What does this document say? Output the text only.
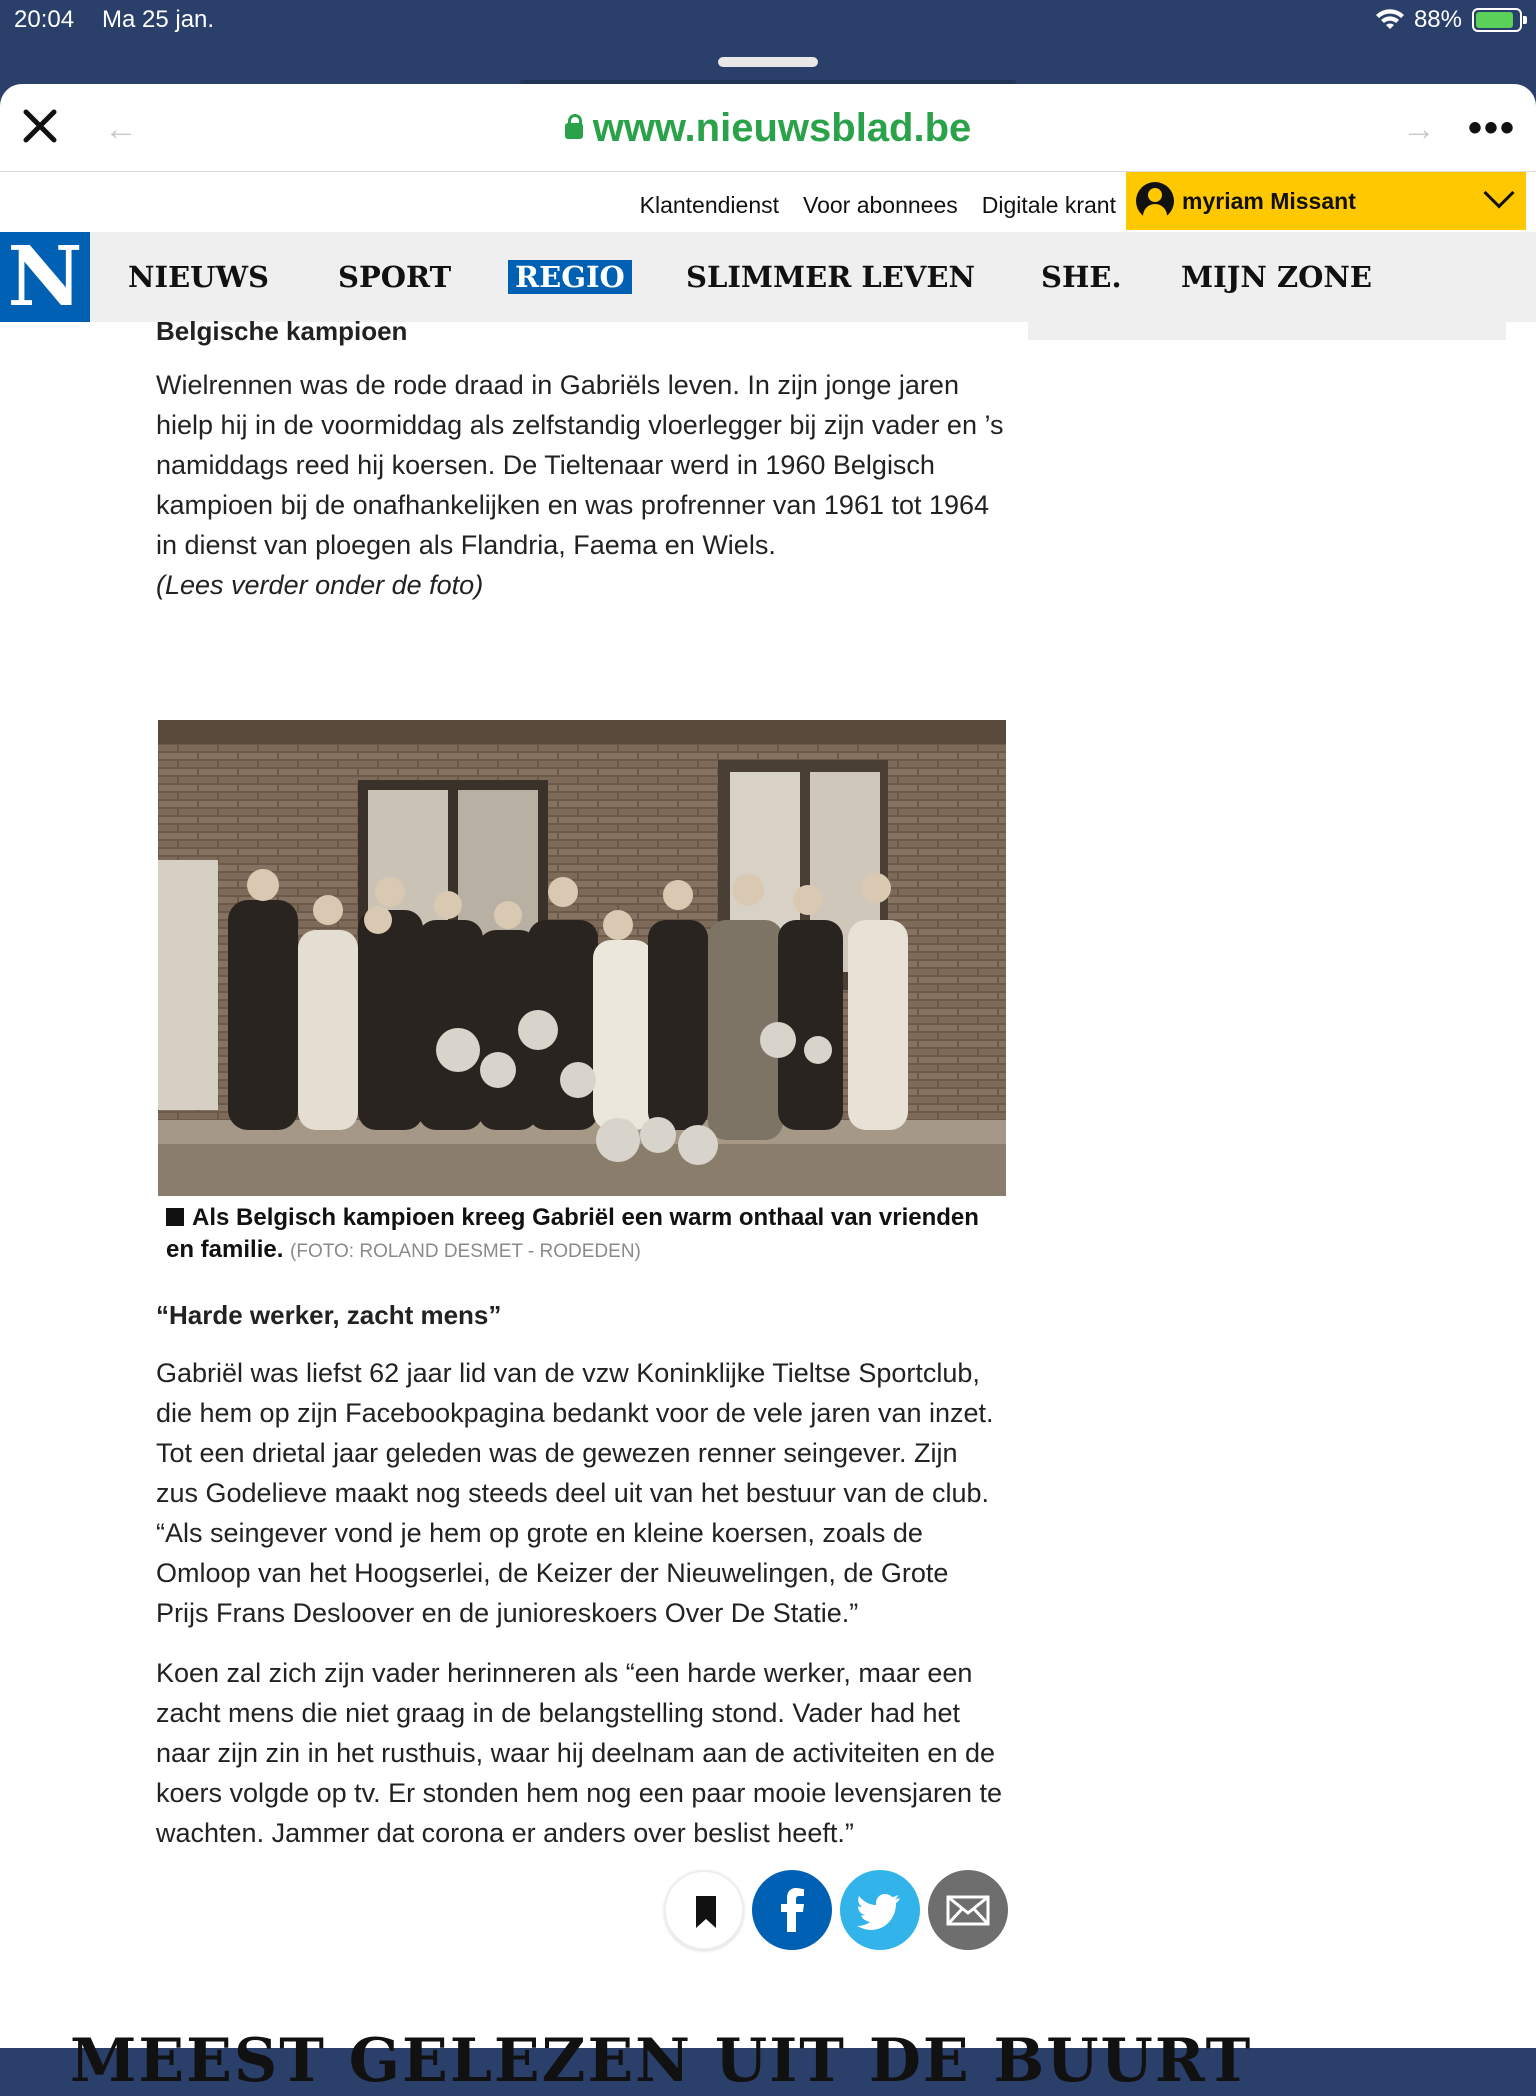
20:04 Ma 25 jan.	88%
←	www.nieuwsblad.be	→ •••
Klantendienst Voor abonnees Digitale krant	myriam Missant
N NIEUWS	SPORT	REGIO	SLIMMER LEVEN	SHE.	MIJN ZONE
Belgische kampioen

Wielrennen was de rode draad in Gabriëls leven. In zijn jonge jaren hielp hij in de voormiddag als zelfstandig vloerlegger bij zijn vader en ’s namiddags reed hij koersen. De Tieltenaar werd in 1960 Belgisch kampioen bij de onafhankelijken en was profrenner van 1961 tot 1964 in dienst van ploegen als Flandria, Faema en Wiels.
(Lees verder onder de foto)

Als Belgisch kampioen kreeg Gabriël een warm onthaal van vrienden en familie. (FOTO: ROLAND DESMET - RODEDEN)
“Harde werker, zacht mens”

Gabriël was liefst 62 jaar lid van de vzw Koninklijke Tieltse Sportclub, die hem op zijn Facebookpagina bedankt voor de vele jaren van inzet. Tot een drietal jaar geleden was de gewezen renner seingever. Zijn zus Godelieve maakt nog steeds deel uit van het bestuur van de club. “Als seingever vond je hem op grote en kleine koersen, zoals de Omloop van het Hoogserlei, de Keizer der Nieuwelingen, de Grote Prijs Frans Desloover en de junioreskoers Over De Statie.”

Koen zal zich zijn vader herinneren als “een harde werker, maar een zacht mens die niet graag in de belangstelling stond. Vader had het naar zijn zin in het rusthuis, waar hij deelnam aan de activiteiten en de koers volgde op tv. Er stonden hem nog een paar mooie levensjaren te wachten. Jammer dat corona er anders over beslist heeft.”

MEEST GELEZEN UIT DE BUURT
